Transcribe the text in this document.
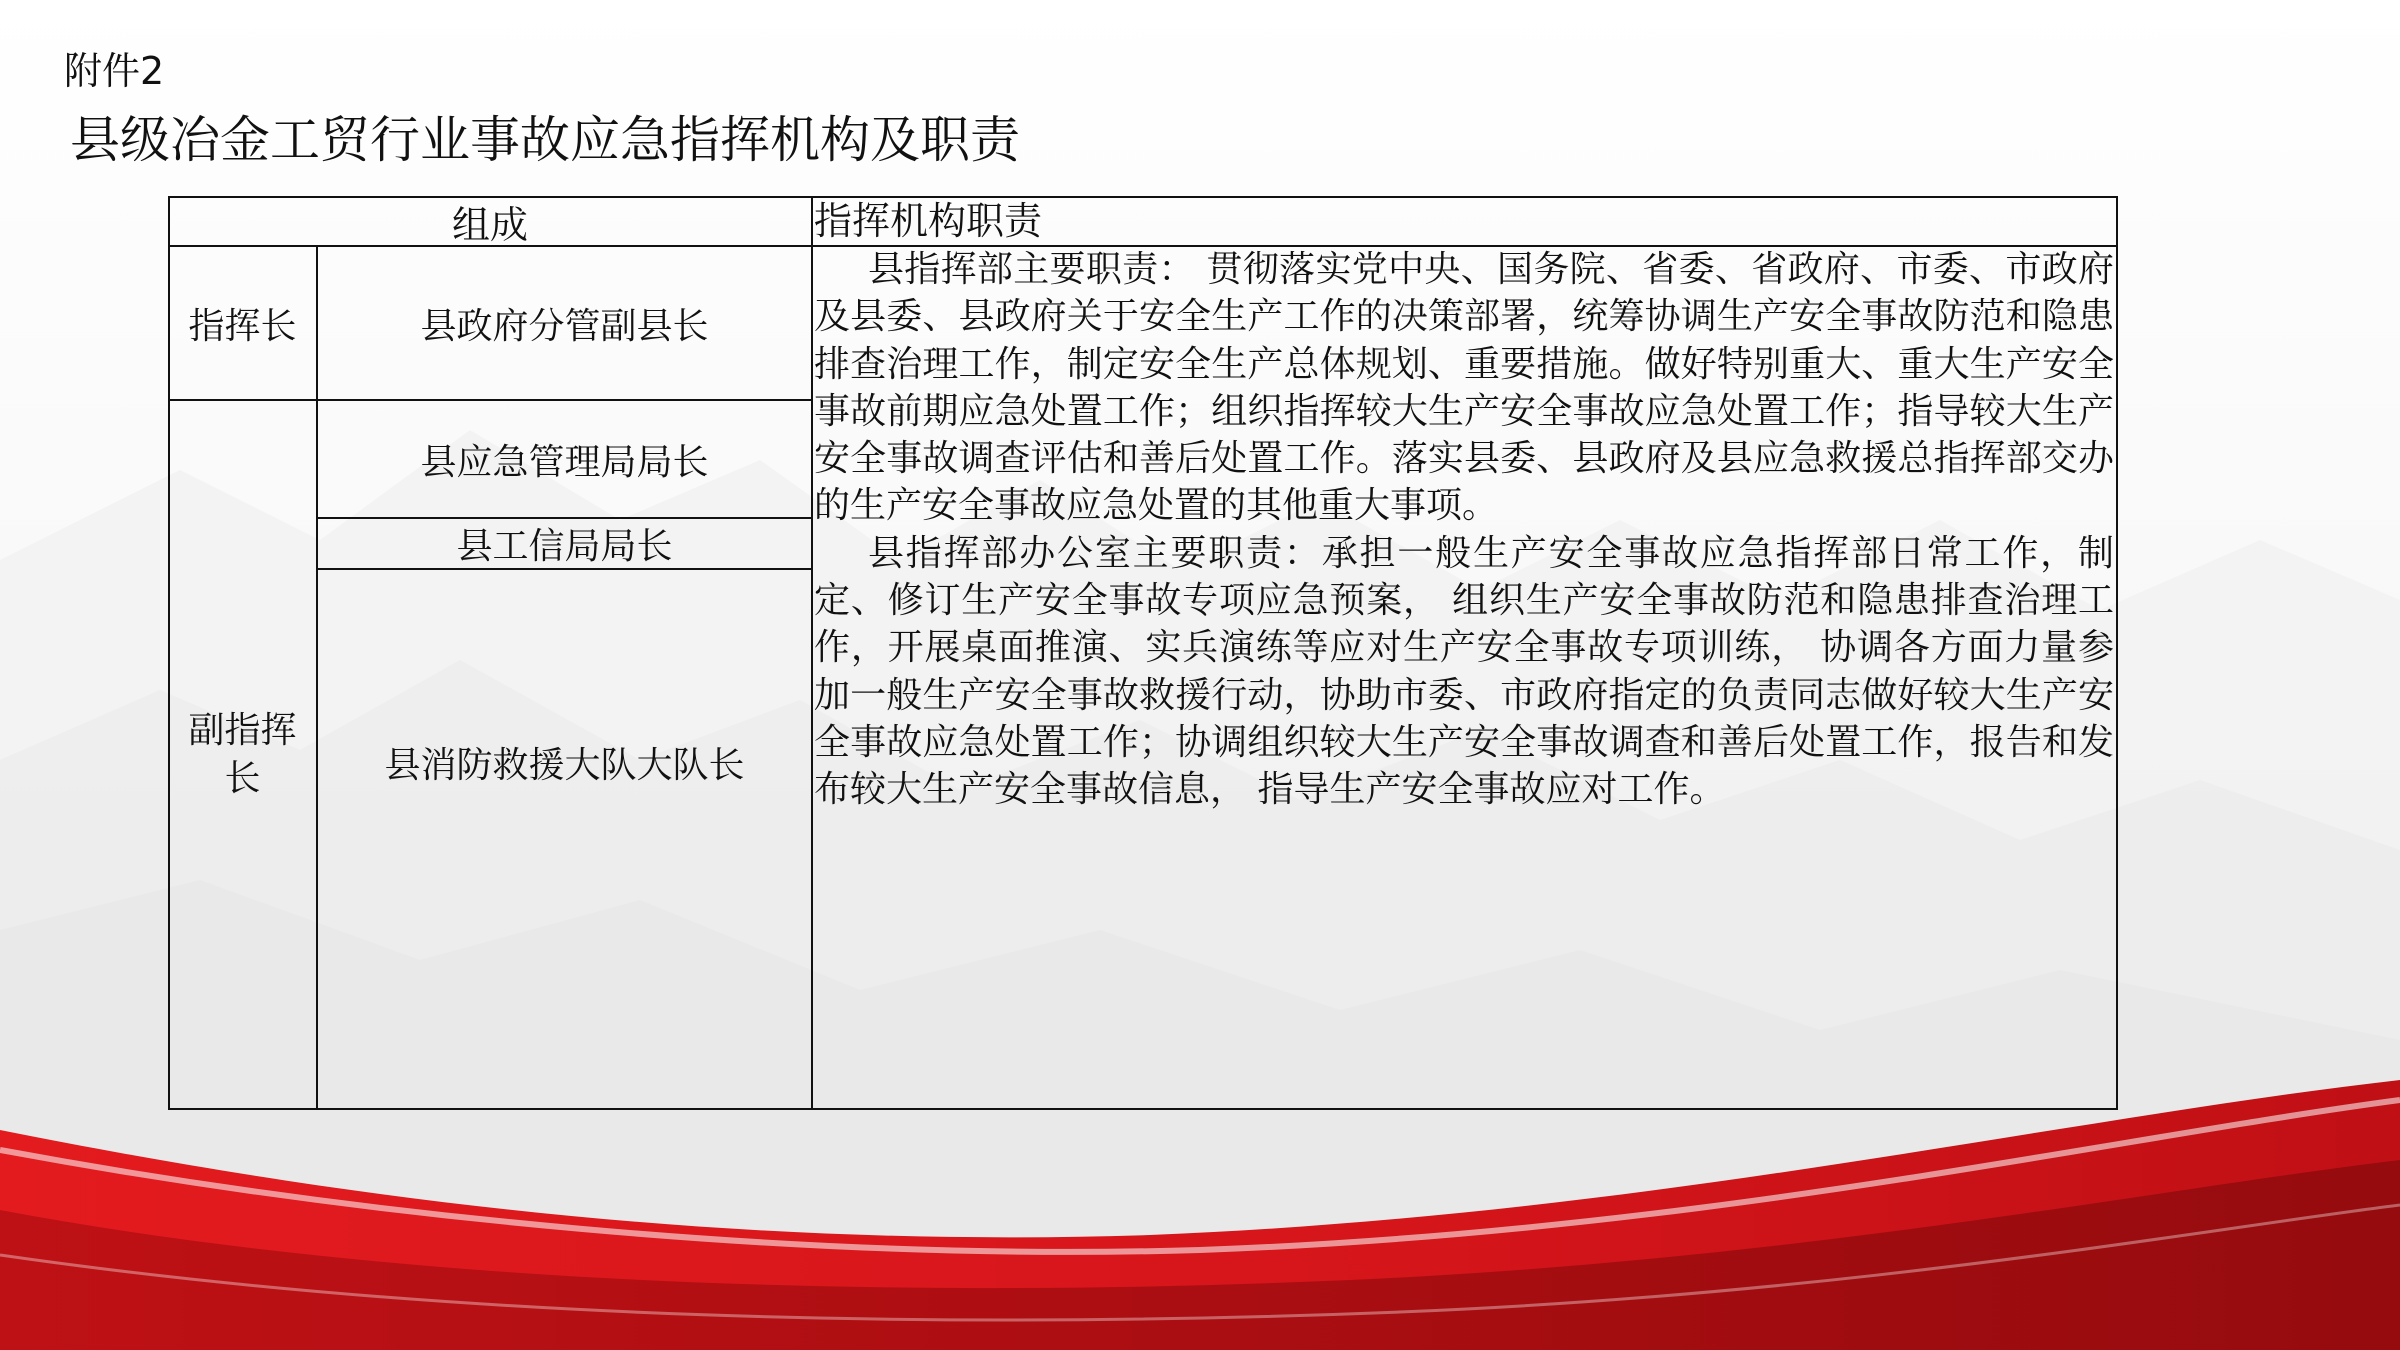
附件2
县级冶金工贸行业事故应急指挥机构及职责
组成	指挥机构职责
指挥长	县政府分管副县长
副指挥长
县应急管理局局长
县工信局局长
县消防救援大队大队长

县指挥部主要职责： 贯彻落实党中央、国务院、省委、省政府、市委、市政府及县委、县政府关于安全生产工作的决策部署，统筹协调生产安全事故防范和隐患排查治理工作，制定安全生产总体规划、重要措施。做好特别重大、重大生产安全事故前期应急处置工作；组织指挥较大生产安全事故应急处置工作；指导较大生产安全事故调查评估和善后处置工作。落实县委、县政府及县应急救援总指挥部交办的生产安全事故应急处置的其他重大事项。

县指挥部办公室主要职责：承担一般生产安全事故应急指挥部日常工作，制定、修订生产安全事故专项应急预案， 组织生产安全事故防范和隐患排查治理工作，开展桌面推演、实兵演练等应对生产安全事故专项训练， 协调各方面力量参加一般生产安全事故救援行动，协助市委、市政府指定的负责同志做好较大生产安全事故应急处置工作；协调组织较大生产安全事故调查和善后处置工作，报告和发布较大生产安全事故信息， 指导生产安全事故应对工作。
